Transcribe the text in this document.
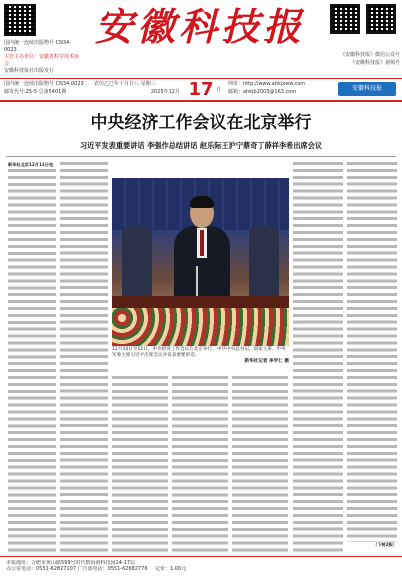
国内统一连续出版物号 CN34-0023
主管主办单位：安徽省科学技术协会
安徽科技报社出版发行
安徽科技报
《安徽科技报》微信公众号
《安徽科技报》视频号
国内统一连续出版物号 CN34-0023
邮发代号:25-5 总第5401期
农历乙巳年十月廿八 星期三
2025年12月 17 日
网址：http://www.ahkjxww.com
邮箱：ahkjb2003@163.com	安徽科技报
中央经济工作会议在北京举行
习近平发表重要讲话 李强作总结讲话 赵乐际王沪宁蔡奇丁薛祥李希出席会议
新华社北京12月11日电
12月10日至11日，中央经济工作会议在北京举行。中共中央总书记、国家主席、中央军委主席习近平出席会议并发表重要讲话。
新华社记者 李学仁 摄
（下转2版）
本报地址：合肥市黄山路599号时代数码港科技园14-17层
办公室电话：0551-62827107 广告部电话：0551-62682776 定价：1.00元
